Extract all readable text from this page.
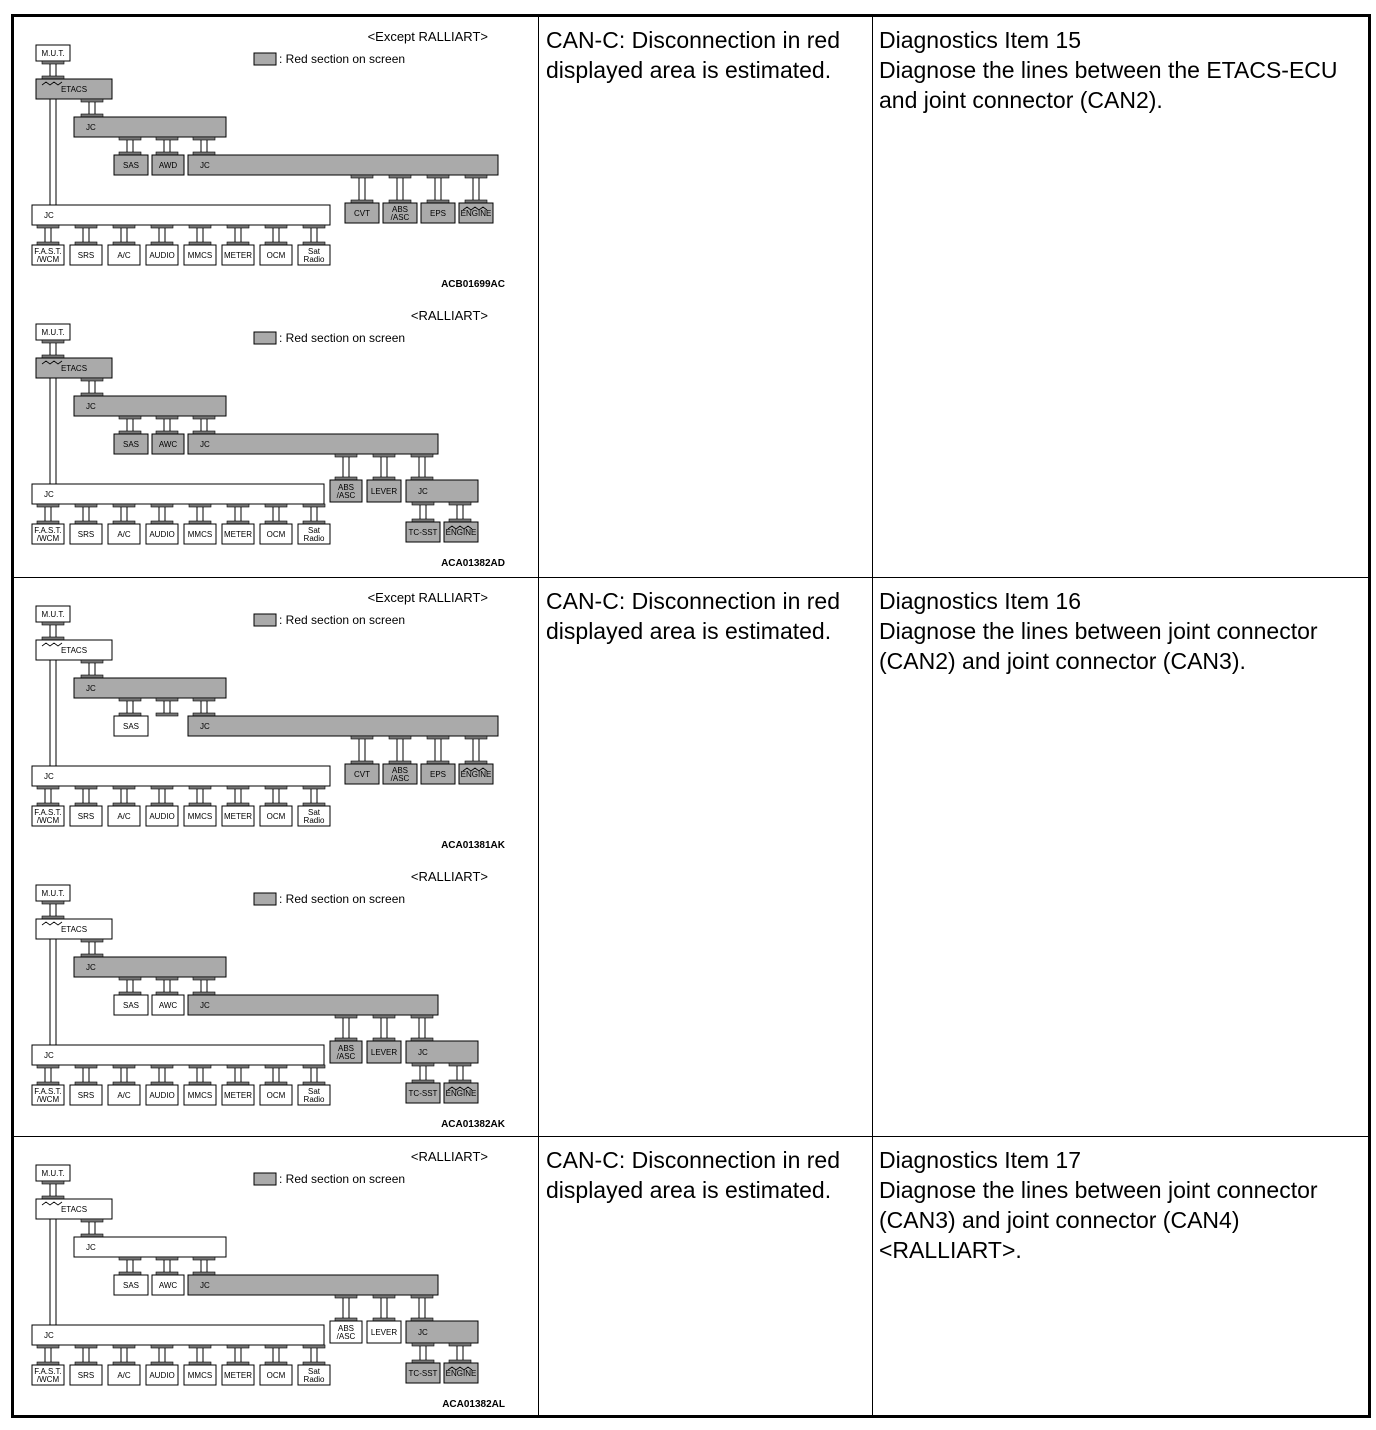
<Except RALLIART>
: Red section on screen
ACB01699AC
M.U.T.
ETACS
JC
SAS AWD	JC
JC
F.A.S.T.
/WCM SRS	A/C AUDIO MMCS METER OCM	Sat
Radio
CVT	ABS
/ASC	EPS ENGINE
<RALLIART>
: Red section on screen
ACA01382AD
M.U.T.
ETACS
JC
SAS AWC	JC
JC
F.A.S.T.
/WCM SRS	A/C AUDIO MMCS METER OCM	Sat
Radio
ABS
/ASC LEVER	JC
TC-SST ENGINE

CAN-C: Disconnection in red displayed area is estimated.

Diagnostics Item 15

Diagnose the lines between the ETACS-ECU and joint connector (CAN2).

<Except RALLIART>
: Red section on screen
ACA01381AK
M.U.T.
ETACS
JC
SAS	JC
JC
F.A.S.T.
/WCM SRS	A/C AUDIO MMCS METER OCM	Sat
Radio
CVT	ABS
/ASC	EPS ENGINE
<RALLIART>
: Red section on screen
ACA01382AK
M.U.T.
ETACS
JC
SAS AWC	JC
JC
F.A.S.T.
/WCM SRS	A/C AUDIO MMCS METER OCM	Sat
Radio
ABS
/ASC LEVER	JC
TC-SST ENGINE

CAN-C: Disconnection in red displayed area is estimated.

Diagnostics Item 16

Diagnose the lines between joint connector (CAN2) and joint connector (CAN3).

<RALLIART>
: Red section on screen
ACA01382AL
M.U.T.
ETACS
JC
SAS AWC	JC
JC
F.A.S.T.
/WCM SRS	A/C AUDIO MMCS METER OCM	Sat
Radio
ABS
/ASC LEVER	JC
TC-SST ENGINE

CAN-C: Disconnection in red displayed area is estimated.

Diagnostics Item 17

Diagnose the lines between joint connector (CAN3) and joint connector (CAN4) <RALLIART>.
